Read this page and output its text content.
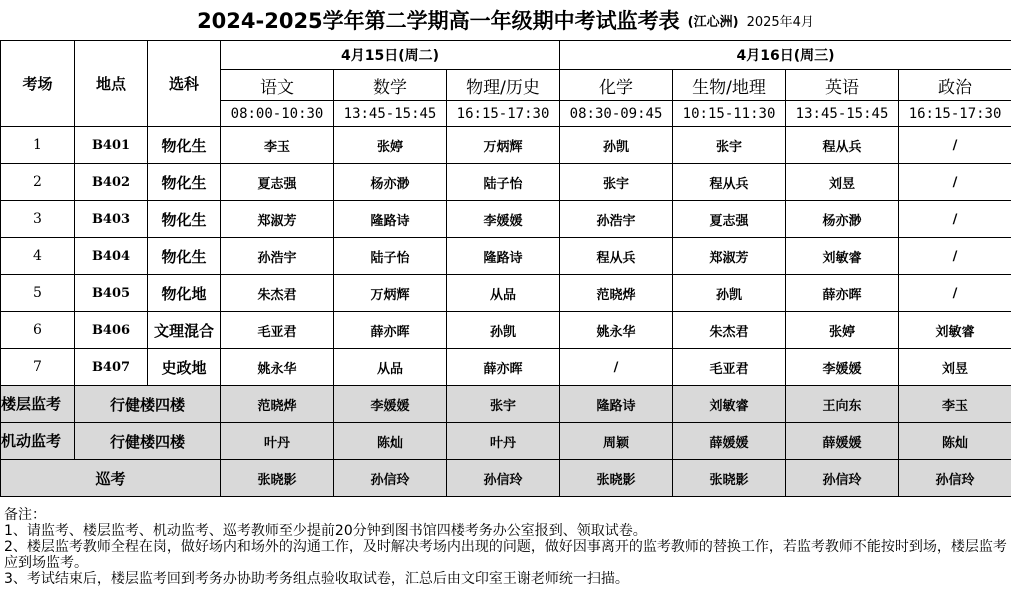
2024-2025学年第二学期高一年级期中考试监考表 (江心洲) 2025年4月
考场	地点	选科	4月15日(周二)			4月16日(周三)			
			语文	数学	物理/历史	化学	生物/地理	英语	政治
			08:00-10:30	13:45-15:45	16:15-17:30	08:30-09:45	10:15-11:30	13:45-15:45	16:15-17:30
1	B401	物化生	李玉	张婷	万炳辉	孙凯	张宇	程从兵	/
2	B402	物化生	夏志强	杨亦渺	陆子怡	张宇	程从兵	刘昱	/
3	B403	物化生	郑淑芳	隆路诗	李媛媛	孙浩宇	夏志强	杨亦渺	/
4	B404	物化生	孙浩宇	陆子怡	隆路诗	程从兵	郑淑芳	刘敏睿	/
5	B405	物化地	朱杰君	万炳辉	从品	范晓烨	孙凯	薛亦晖	/
6	B406	文理混合	毛亚君	薛亦晖	孙凯	姚永华	朱杰君	张婷	刘敏睿
7	B407	史政地	姚永华	从品	薛亦晖	/	毛亚君	李媛媛	刘昱
楼层监考	行健楼四楼		范晓烨	李媛媛	张宇	隆路诗	刘敏睿	王向东	李玉
机动监考	行健楼四楼		叶丹	陈灿	叶丹	周颖	薛媛媛	薛媛媛	陈灿
巡考			张晓影	孙信玲	孙信玲	张晓影	张晓影	孙信玲	孙信玲

备注：

1、请监考、楼层监考、机动监考、巡考教师至少提前20分钟到图书馆四楼考务办公室报到、领取试卷。

2、楼层监考教师全程在岗，做好场内和场外的沟通工作，及时解决考场内出现的问题，做好因事离开的监考教师的替换工作，若监考教师不能按时到场，楼层监考应到场监考。

3、考试结束后，楼层监考回到考务办协助考务组点验收取试卷，汇总后由文印室王谢老师统一扫描。
